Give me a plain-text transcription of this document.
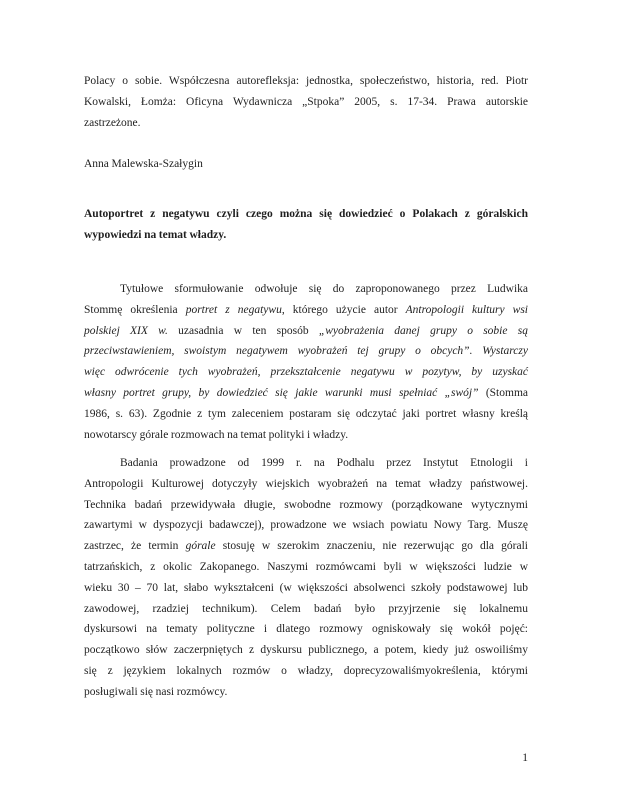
Polacy o sobie. Współczesna autorefleksja: jednostka, społeczeństwo, historia, red. Piotr
Kowalski, Łomża: Oficyna Wydawnicza „Stpoka” 2005, s. 17-34. Prawa autorskie
zastrzeżone.
Anna Malewska-Szałygin
Autoportret z negatywu czyli czego można się dowiedzieć o Polakach z góralskich
wypowiedzi na temat władzy.
Tytułowe sformułowanie odwołuje się do zaproponowanego przez Ludwika
Stommę określenia portret z negatywu, którego użycie autor Antropologii kultury wsi
polskiej XIX w. uzasadnia w ten sposób „wyobrażenia danej grupy o sobie są
przeciwstawieniem, swoistym negatywem wyobrażeń tej grupy o obcych”. Wystarczy
więc odwrócenie tych wyobrażeń, przekształcenie negatywu w pozytyw, by uzyskać
własny portret grupy, by dowiedzieć się jakie warunki musi spełniać „swój” (Stomma
1986, s. 63). Zgodnie z tym zaleceniem postaram się odczytać jaki portret własny kreślą
nowotarscy górale rozmowach na temat polityki i władzy.
Badania prowadzone od 1999 r. na Podhalu przez Instytut Etnologii i
Antropologii Kulturowej dotyczyły wiejskich wyobrażeń na temat władzy państwowej.
Technika badań przewidywała długie, swobodne rozmowy (porządkowane wytycznymi
zawartymi w dyspozycji badawczej), prowadzone we wsiach powiatu Nowy Targ. Muszę
zastrzec, że termin górale stosuję w szerokim znaczeniu, nie rezerwując go dla górali
tatrzańskich, z okolic Zakopanego. Naszymi rozmówcami byli w większości ludzie w
wieku 30 – 70 lat, słabo wykształceni (w większości absolwenci szkoły podstawowej lub
zawodowej, rzadziej technikum). Celem badań było przyjrzenie się lokalnemu
dyskursowi na tematy polityczne i dlatego rozmowy ogniskowały się wokół pojęć:
początkowo słów zaczerpniętych z dyskursu publicznego, a potem, kiedy już oswoiliśmy
się z językiem lokalnych rozmów o władzy, doprecyzowaliśmyokreślenia, którymi
posługiwali się nasi rozmówcy.
1
